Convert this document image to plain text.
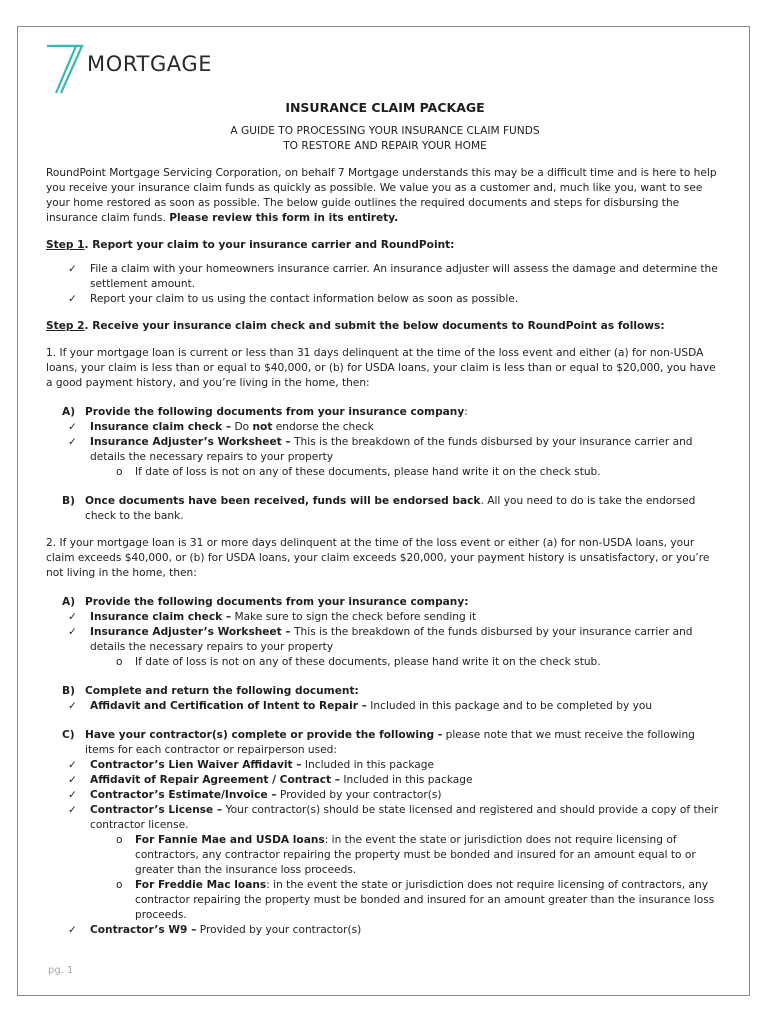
MORTGAGE

INSURANCE CLAIM PACKAGE

A GUIDE TO PROCESSING YOUR INSURANCE CLAIM FUNDS

TO RESTORE AND REPAIR YOUR HOME

RoundPoint Mortgage Servicing Corporation, on behalf 7 Mortgage understands this may be a difficult time and is here to help you receive your insurance claim funds as quickly as possible. We value you as a customer and, much like you, want to see your home restored as soon as possible. The below guide outlines the required documents and steps for disbursing the insurance claim funds. Please review this form in its entirety.

Step 1. Report your claim to your insurance carrier and RoundPoint:

✓ File a claim with your homeowners insurance carrier. An insurance adjuster will assess the damage and determine the settlement amount.
✓ Report your claim to us using the contact information below as soon as possible.

Step 2. Receive your insurance claim check and submit the below documents to RoundPoint as follows:

1. If your mortgage loan is current or less than 31 days delinquent at the time of the loss event and either (a) for non-USDA loans, your claim is less than or equal to $40,000, or (b) for USDA loans, your claim is less than or equal to $20,000, you have a good payment history, and you’re living in the home, then:

A) Provide the following documents from your insurance company:
✓ Insurance claim check – Do not endorse the check
✓ Insurance Adjuster’s Worksheet – This is the breakdown of the funds disbursed by your insurance carrier and details the necessary repairs to your property
o If date of loss is not on any of these documents, please hand write it on the check stub.
B) Once documents have been received, funds will be endorsed back. All you need to do is take the endorsed check to the bank.

2. If your mortgage loan is 31 or more days delinquent at the time of the loss event or either (a) for non-USDA loans, your claim exceeds $40,000, or (b) for USDA loans, your claim exceeds $20,000, your payment history is unsatisfactory, or you’re not living in the home, then:

A) Provide the following documents from your insurance company:
✓ Insurance claim check – Make sure to sign the check before sending it
✓ Insurance Adjuster’s Worksheet – This is the breakdown of the funds disbursed by your insurance carrier and details the necessary repairs to your property
o If date of loss is not on any of these documents, please hand write it on the check stub.
B) Complete and return the following document:
✓ Affidavit and Certification of Intent to Repair – Included in this package and to be completed by you
C) Have your contractor(s) complete or provide the following - please note that we must receive the following items for each contractor or repairperson used:
✓ Contractor’s Lien Waiver Affidavit – Included in this package
✓ Affidavit of Repair Agreement / Contract – Included in this package
✓ Contractor’s Estimate/Invoice – Provided by your contractor(s)
✓ Contractor’s License – Your contractor(s) should be state licensed and registered and should provide a copy of their contractor license.
o For Fannie Mae and USDA loans: in the event the state or jurisdiction does not require licensing of contractors, any contractor repairing the property must be bonded and insured for an amount equal to or greater than the insurance loss proceeds.
o For Freddie Mac loans: in the event the state or jurisdiction does not require licensing of contractors, any contractor repairing the property must be bonded and insured for an amount greater than the insurance loss proceeds.
✓ Contractor’s W9 – Provided by your contractor(s)
pg. 1
